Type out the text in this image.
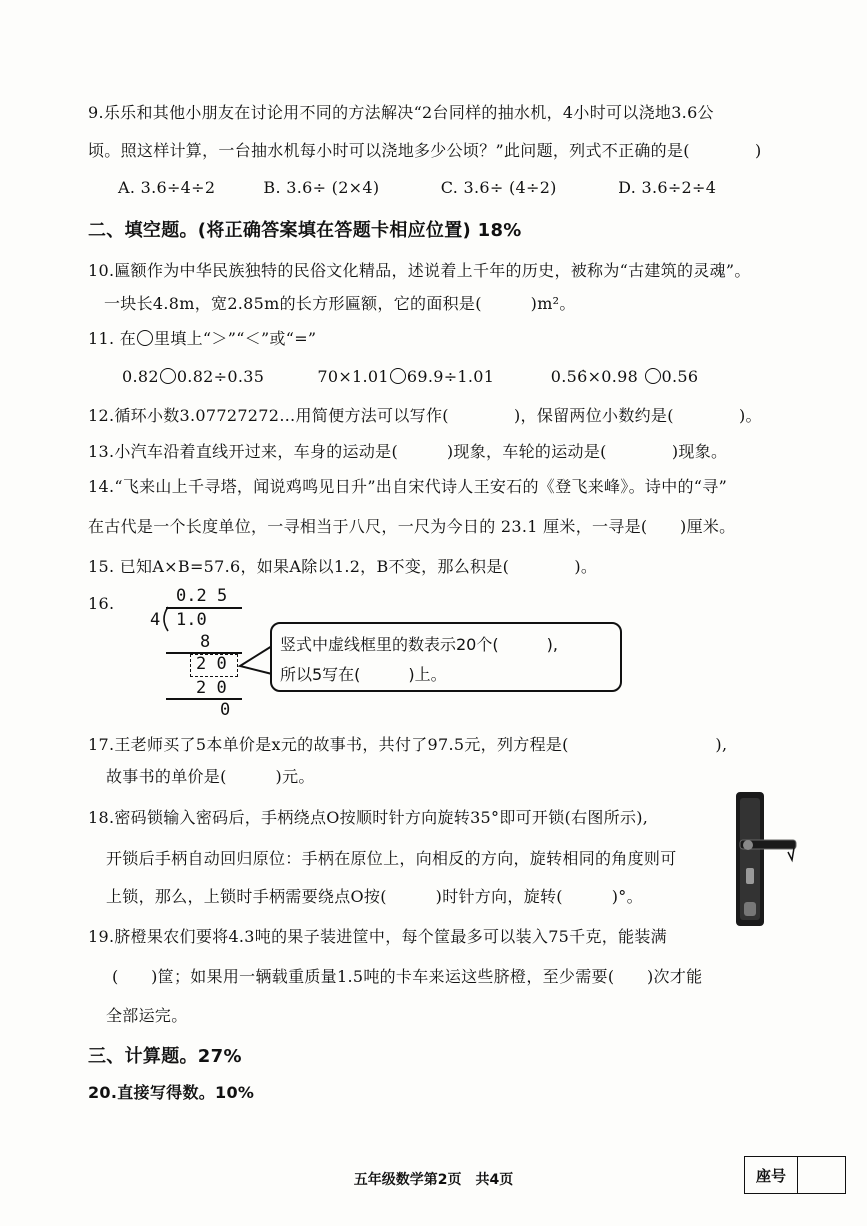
9.乐乐和其他小朋友在讨论用不同的方法解决“2台同样的抽水机，4小时可以浇地3.6公
顷。照这样计算，一台抽水机每小时可以浇地多少公顷？”此问题，列式不正确的是(　　　　)
A. 3.6÷4÷2	B. 3.6÷ (2×4)	C. 3.6÷ (4÷2)	D. 3.6÷2÷4
二、填空题。(将正确答案填在答题卡相应位置) 18%
10.匾额作为中华民族独特的民俗文化精品，述说着上千年的历史，被称为“古建筑的灵魂”。
一块长4.8m，宽2.85m的长方形匾额，它的面积是(　　　)m²。
11. 在 里填上“＞”“＜”或“=”
0.82 0.82÷0.35	70×1.01 69.9÷1.01	0.56̇×0.98 0.56
12.循环小数3.07727272…用简便方法可以写作(　　　　)，保留两位小数约是(　　　　)。
13.小汽车沿着直线开过来，车身的运动是(　　　)现象，车轮的运动是(　　　　)现象。
14.“飞来山上千寻塔，闻说鸡鸣见日升”出自宋代诗人王安石的《登飞来峰》。诗中的“寻”
在古代是一个长度单位，一寻相当于八尺，一尺为今日的 23.1 厘米，一寻是(　　)厘米。
15. 已知A×B=57.6，如果A除以1.2，B不变，那么积是(　　　　)。
16.	0.2 5
4 1.0
8
2 0
2 0
0
竖式中虚线框里的数表示20个(　　　),
所以5写在(　　　)上。
17.王老师买了5本单价是x元的故事书，共付了97.5元，列方程是(　　　　　　　　　),
故事书的单价是(　　　)元。
18.密码锁输入密码后，手柄绕点O按顺时针方向旋转35°即可开锁(右图所示),
开锁后手柄自动回归原位：手柄在原位上，向相反的方向，旋转相同的角度则可
上锁，那么，上锁时手柄需要绕点O按(　　　)时针方向，旋转(　　　)°。
19.脐橙果农们要将4.3吨的果子装进筐中，每个筐最多可以装入75千克，能装满
(　　)筐；如果用一辆载重质量1.5吨的卡车来运这些脐橙，至少需要(　　)次才能
全部运完。
三、计算题。27%
20.直接写得数。10%
五年级数学第2页　共4页	座号
